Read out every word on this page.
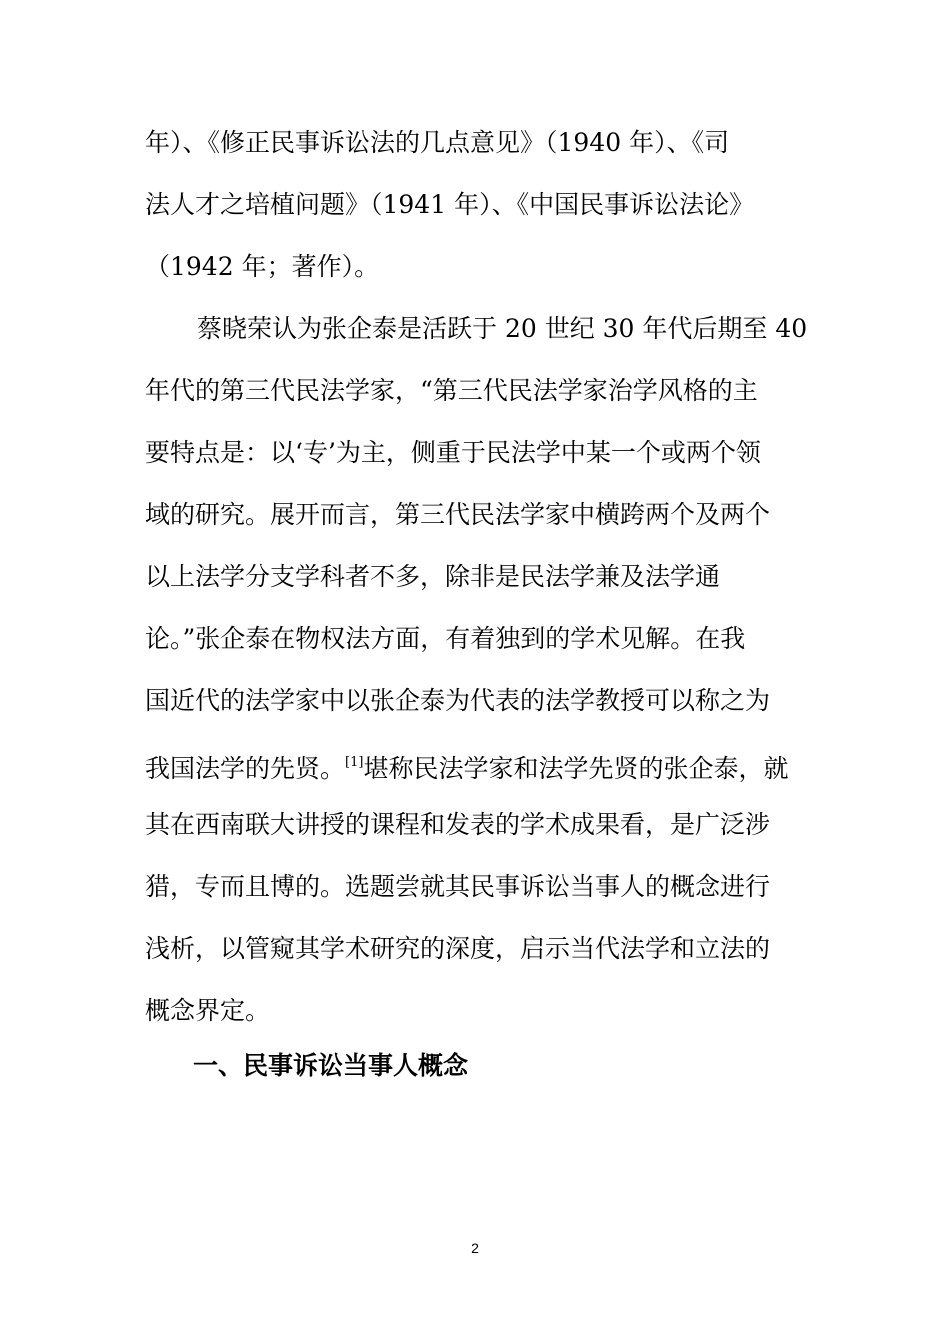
年）、《修正民事诉讼法的几点意见》（1940 年）、《司
法人才之培植问题》（1941 年）、《中国民事诉讼法论》
（1942 年；著作）。
蔡晓荣认为张企泰是活跃于 20 世纪 30 年代后期至 40
年代的第三代民法学家，“第三代民法学家治学风格的主
要特点是：以‘专’为主，侧重于民法学中某一个或两个领
域的研究。展开而言，第三代民法学家中横跨两个及两个
以上法学分支学科者不多，除非是民法学兼及法学通
论。”张企泰在物权法方面，有着独到的学术见解。在我
国近代的法学家中以张企泰为代表的法学教授可以称之为
我国法学的先贤。[1]堪称民法学家和法学先贤的张企泰，就
其在西南联大讲授的课程和发表的学术成果看，是广泛涉
猎，专而且博的。选题尝就其民事诉讼当事人的概念进行
浅析，以管窥其学术研究的深度，启示当代法学和立法的
概念界定。
一、民事诉讼当事人概念
2
